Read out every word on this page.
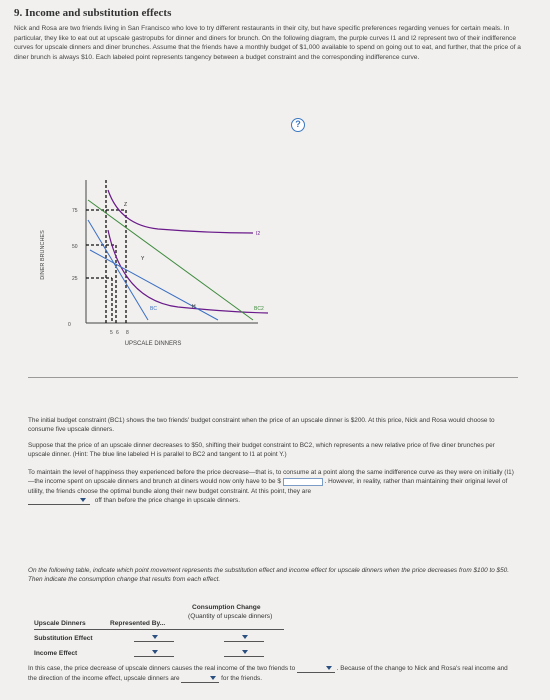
9. Income and substitution effects
Nick and Rosa are two friends living in San Francisco who love to try different restaurants in their city, but have specific preferences regarding venues for certain meals. In particular, they like to eat out at upscale gastropubs for dinner and diners for brunch. On the following diagram, the purple curves I1 and I2 represent two of their indifference curves for upscale dinners and diner brunches. Assume that the friends have a monthly budget of $1,000 available to spend on going out to eat, and further, that the price of a diner brunch is always $10. Each labeled point represents tangency between a budget constraint and the corresponding indifference curve.
?
DINER BRUNCHES
UPSCALE DINNERS
75
50
25
0
5 6 8
I2
BC	BC2
Z
Y
H
The initial budget constraint (BC1) shows the two friends' budget constraint when the price of an upscale dinner is $200. At this price, Nick and Rosa would choose to consume five upscale dinners.
Suppose that the price of an upscale dinner decreases to $50, shifting their budget constraint to BC2, which represents a new relative price of five diner brunches per upscale dinner. (Hint: The blue line labeled H is parallel to BC2 and tangent to I1 at point Y.)
To maintain the level of happiness they experienced before the price decrease—that is, to consume at a point along the same indifference curve as they were on initially (I1)—the income spent on upscale dinners and brunch at diners would now only have to be $	. However, in reality, rather than maintaining their original level of utility, the friends choose the optimal bundle along their new budget constraint. At this point, they are

off than before the price change in upscale dinners.
On the following table, indicate which point movement represents the substitution effect and income effect for upscale dinners when the price decreases from $100 to $50. Then indicate the consumption change that results from each effect.
Upscale Dinners	Represented By...
Consumption Change
(Quantity of upscale dinners)
Substitution Effect
Income Effect
In this case, the price decrease of upscale dinners causes the real income of the two friends to	. Because of the change to Nick and Rosa's real income and the direction of the income effect, upscale dinners are	for the friends.
